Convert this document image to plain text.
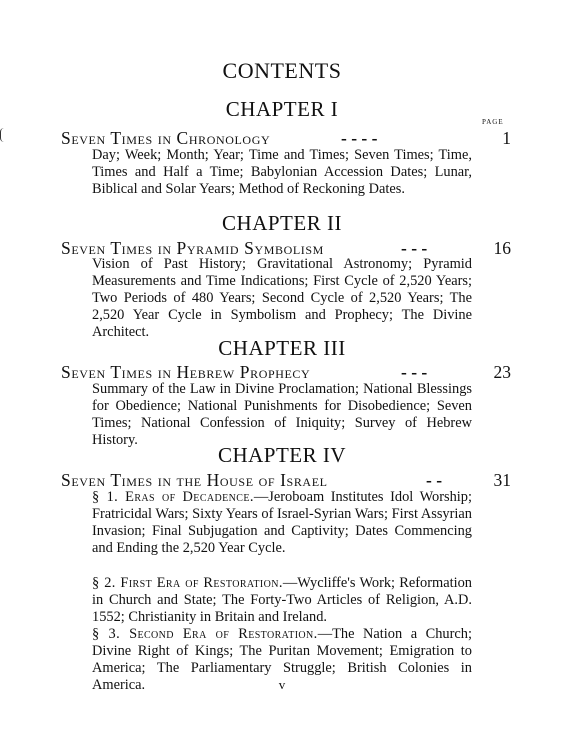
CONTENTS
CHAPTER I
PAGE
Seven Times in Chronology	- - - -	1
Day; Week; Month; Year; Time and Times; Seven Times; Time, Times and Half a Time; Babylonian Accession Dates; Lunar, Biblical and Solar Years; Method of Reckoning Dates.
CHAPTER II
Seven Times in Pyramid Symbolism	- - -	16
Vision of Past History; Gravitational Astronomy; Pyramid Measurements and Time Indications; First Cycle of 2,520 Years; Two Periods of 480 Years; Second Cycle of 2,520 Years; The 2,520 Year Cycle in Symbolism and Prophecy; The Divine Architect.
CHAPTER III
Seven Times in Hebrew Prophecy	- - -	23
Summary of the Law in Divine Proclamation; National Blessings for Obedience; National Punishments for Disobedience; Seven Times; National Confession of Iniquity; Survey of Hebrew History.
CHAPTER IV
Seven Times in the House of Israel	- -	31
§ 1. Eras of Decadence.—Jeroboam Institutes Idol Worship; Fratricidal Wars; Sixty Years of Israel-Syrian Wars; First Assyrian Invasion; Final Subjugation and Captivity; Dates Commencing and Ending the 2,520 Year Cycle.
§ 2. First Era of Restoration.—Wycliffe's Work; Reformation in Church and State; The Forty-Two Articles of Religion, A.D. 1552; Christianity in Britain and Ireland.
§ 3. Second Era of Restoration.—The Nation a Church; Divine Right of Kings; The Puritan Movement; Emigration to America; The Parliamentary Struggle; British Colonies in America.	v
